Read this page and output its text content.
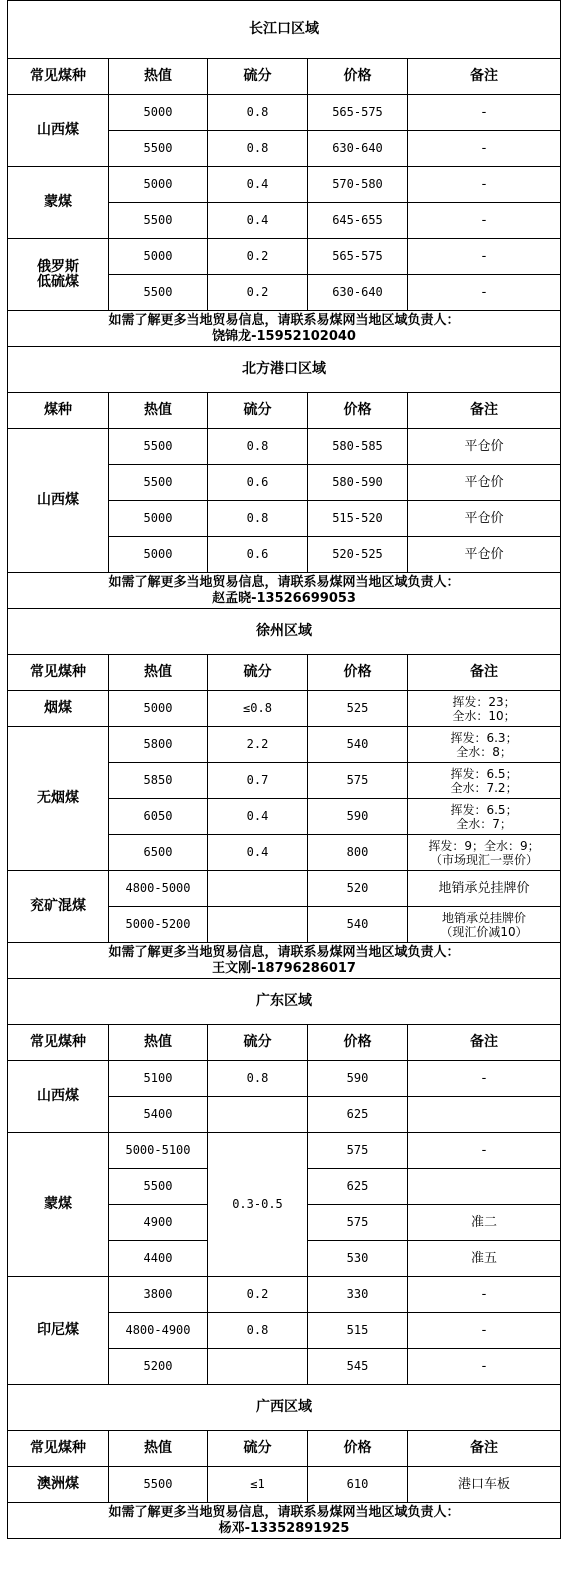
长江口区域				
常见煤种	热值	硫分	价格	备注
山西煤	5000	0.8	565-575	-
	5500	0.8	630-640	-
蒙煤	5000	0.4	570-580	-
	5500	0.4	645-655	-

俄罗斯
低硫煤	5000	0.2	565-575	-
	5500	0.2	630-640	-

如需了解更多当地贸易信息，请联系易煤网当地区域负责人：
饶锦龙-15952102040				

北方港口区域				
煤种	热值	硫分	价格	备注
山西煤	5500	0.8	580-585	平仓价
	5500	0.6	580-590	平仓价
	5000	0.8	515-520	平仓价
	5000	0.6	520-525	平仓价

如需了解更多当地贸易信息，请联系易煤网当地区域负责人：
赵孟晓-13526699053				

徐州区域				
常见煤种	热值	硫分	价格	备注
烟煤	5000	≤0.8	525	挥发：23；
全水：10；

无烟煤	5800	2.2	540	挥发：6.3；
全水：8；

	5850	0.7	575	挥发：6.5；
全水：7.2；

	6050	0.4	590	挥发：6.5；
全水：7；

	6500	0.4	800	挥发：9；全水：9；
（市场现汇一票价）

兖矿混煤	4800-5000		520	地销承兑挂牌价
	5000-5200		540	地销承兑挂牌价
（现汇价减10）

如需了解更多当地贸易信息，请联系易煤网当地区域负责人：
王文刚-18796286017				

广东区域				
常见煤种	热值	硫分	价格	备注
山西煤	5100	0.8	590	-
	5400		625	
蒙煤	5000-5100	0.3-0.5	575	-
	5500		625	
	4900		575	准二
	4400		530	准五
印尼煤	3800	0.2	330	-
	4800-4900	0.8	515	-
	5200		545	-
广西区域				
常见煤种	热值	硫分	价格	备注
澳洲煤	5500	≤1	610	港口车板

如需了解更多当地贸易信息，请联系易煤网当地区域负责人：
杨邓-13352891925				
